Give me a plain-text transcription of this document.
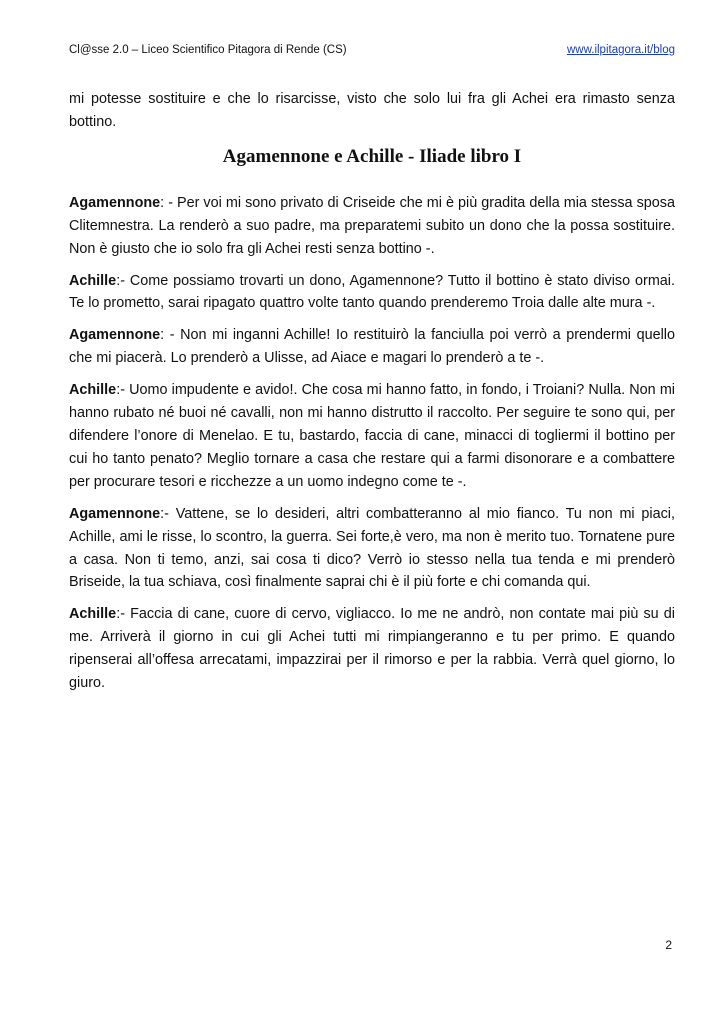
Cl@sse 2.0 – Liceo Scientifico Pitagora di Rende (CS)	www.ilpitagora.it/blog

mi potesse sostituire e che lo risarcisse, visto che solo lui fra gli Achei era rimasto senza bottino.

Agamennone e Achille - Iliade libro I

Agamennone: - Per voi mi sono privato di Criseide che mi è più gradita della mia stessa sposa Clitemnestra. La renderò a suo padre, ma preparatemi subito un dono che la possa sostituire. Non è giusto che io solo fra gli Achei resti senza bottino -.

Achille:- Come possiamo trovarti un dono, Agamennone? Tutto il bottino è stato diviso ormai. Te lo prometto, sarai ripagato quattro volte tanto quando prenderemo Troia dalle alte mura -.

Agamennone: - Non mi inganni Achille! Io restituirò la fanciulla poi verrò a prendermi quello che mi piacerà. Lo prenderò a Ulisse, ad Aiace e magari lo prenderò a te -.

Achille:- Uomo impudente e avido!. Che cosa mi hanno fatto, in fondo, i Troiani? Nulla. Non mi hanno rubato né buoi né cavalli, non mi hanno distrutto il raccolto. Per seguire te sono qui, per difendere l’onore di Menelao. E tu, bastardo, faccia di cane, minacci di togliermi il bottino per cui ho tanto penato? Meglio tornare a casa che restare qui a farmi disonorare e a combattere per procurare tesori e ricchezze a un uomo indegno come te -.

Agamennone:- Vattene, se lo desideri, altri combatteranno al mio fianco. Tu non mi piaci, Achille, ami le risse, lo scontro, la guerra. Sei forte,è vero, ma non è merito tuo. Tornatene pure a casa. Non ti temo, anzi, sai cosa ti dico? Verrò io stesso nella tua tenda e mi prenderò Briseide, la tua schiava, così finalmente saprai chi è il più forte e chi comanda qui.

Achille:- Faccia di cane, cuore di cervo, vigliacco. Io me ne andrò, non contate mai più su di me. Arriverà il giorno in cui gli Achei tutti mi rimpiangeranno e tu per primo. E quando ripenserai all’offesa arrecatami, impazzirai per il rimorso e per la rabbia. Verrà quel giorno, lo giuro.

2
